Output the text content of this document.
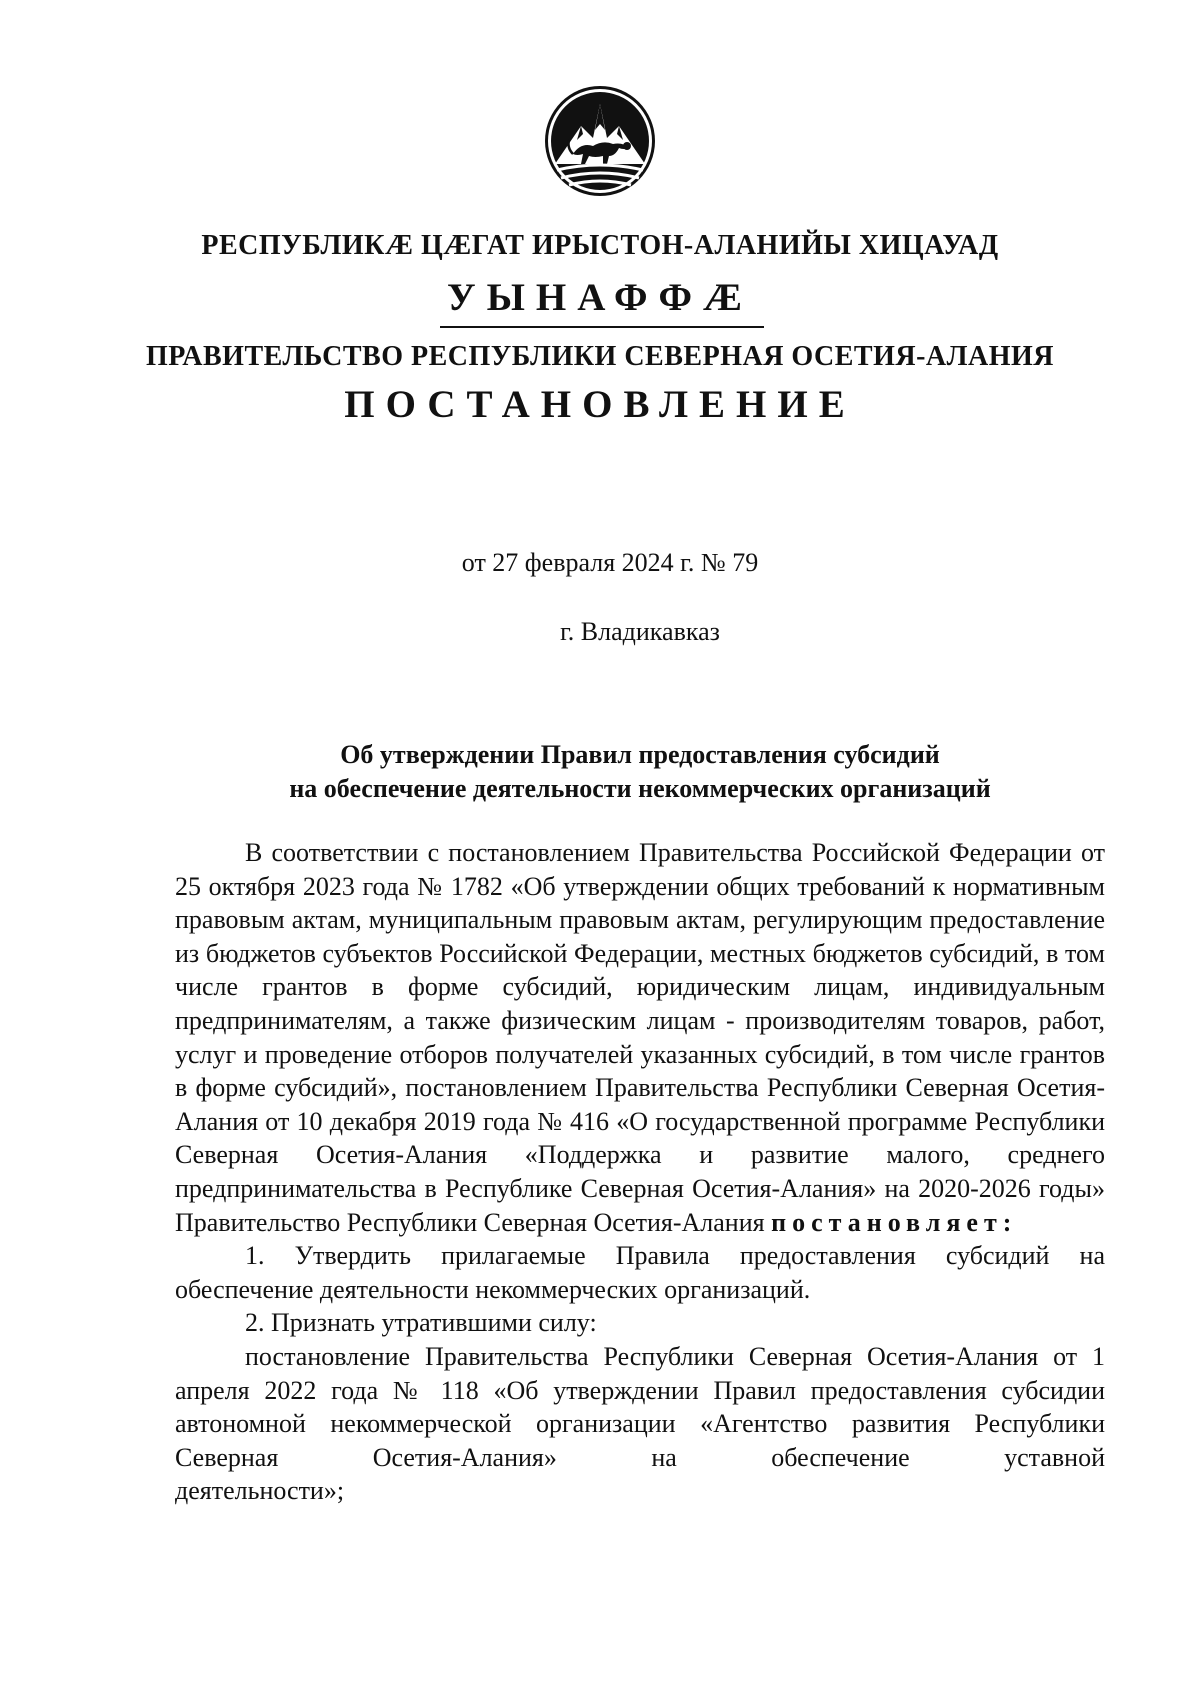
РЕСПУБЛИКӔ ЦӔГАТ ИРЫСТОН-АЛАНИЙЫ ХИЦАУАД
УЫНАФФӔ
ПРАВИТЕЛЬСТВО РЕСПУБЛИКИ СЕВЕРНАЯ ОСЕТИЯ-АЛАНИЯ
ПОСТАНОВЛЕНИЕ
от 27 февраля 2024 г. № 79
г. Владикавказ
Об утверждении Правил предоставления субсидий
на обеспечение деятельности некоммерческих организаций

В соответствии с постановлением Правительства Российской Федерации от 25 октября 2023 года № 1782 «Об утверждении общих требований к нормативным правовым актам, муниципальным правовым актам, регулирующим предоставление из бюджетов субъектов Российской Федерации, местных бюджетов субсидий, в том числе грантов в форме субсидий, юридическим лицам, индивидуальным предпринимателям, а также физическим лицам - производителям товаров, работ, услуг и проведение отборов получателей указанных субсидий, в том числе грантов в форме субсидий», постановлением Правительства Республики Северная Осетия-Алания от 10 декабря 2019 года № 416 «О государственной программе Республики Северная Осетия-Алания «Поддержка и развитие малого, среднего предпринимательства в Республике Северная Осетия-Алания» на 2020-2026 годы» Правительство Республики Северная Осетия-Алания постановляет:

1. Утвердить прилагаемые Правила предоставления субсидий на обеспечение деятельности некоммерческих организаций.

2. Признать утратившими силу:

постановление Правительства Республики Северная Осетия-Алания от 1 апреля 2022 года № 118 «Об утверждении Правил предоставления субсидии автономной некоммерческой организации «Агентство развития Республики Северная Осетия-Алания» на обеспечение уставной

деятельности»;
